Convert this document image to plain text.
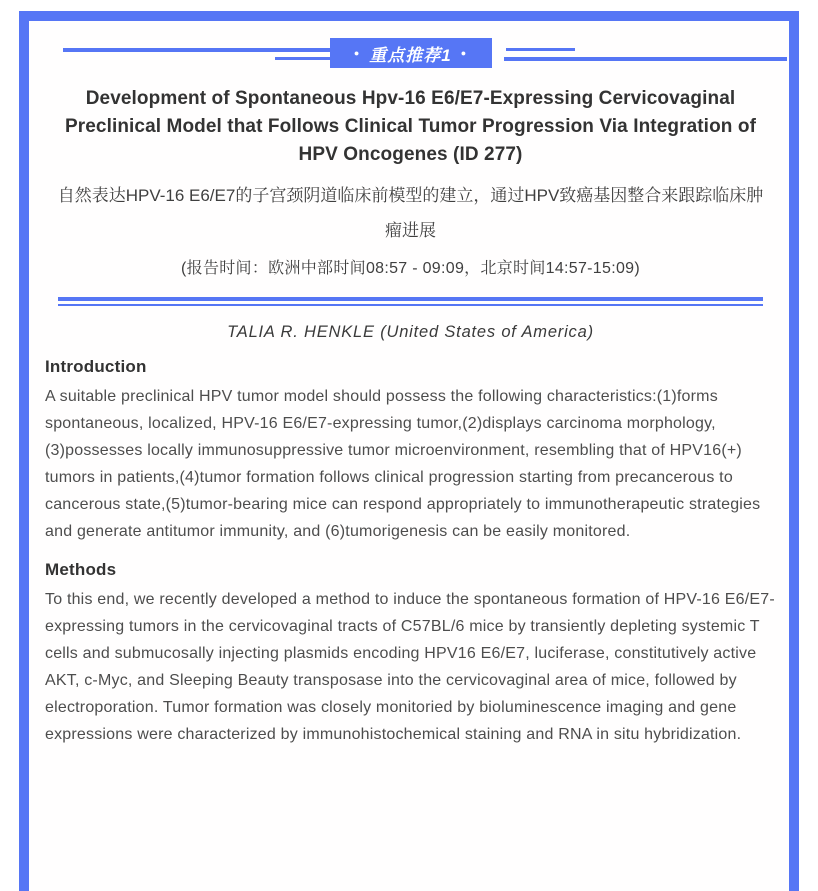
● 重点推荐1 ●
Development of Spontaneous Hpv-16 E6/E7-Expressing Cervicovaginal Preclinical Model that Follows Clinical Tumor Progression Via Integration of HPV Oncogenes (ID 277)
自然表达HPV-16 E6/E7的子宫颈阴道临床前模型的建立，通过HPV致癌基因整合来跟踪临床肿瘤进展
(报告时间：欧洲中部时间08:57 - 09:09，北京时间14:57-15:09)
TALIA R. HENKLE (United States of America)
Introduction
A suitable preclinical HPV tumor model should possess the following characteristics:(1)forms spontaneous, localized, HPV-16 E6/E7-expressing tumor,(2)displays carcinoma morphology,(3)possesses locally immunosuppressive tumor microenvironment, resembling that of HPV16(+) tumors in patients,(4)tumor formation follows clinical progression starting from precancerous to cancerous state,(5)tumor-bearing mice can respond appropriately to immunotherapeutic strategies and generate antitumor immunity, and (6)tumorigenesis can be easily monitored.
Methods
To this end, we recently developed a method to induce the spontaneous formation of HPV-16 E6/E7-expressing tumors in the cervicovaginal tracts of C57BL/6 mice by transiently depleting systemic T cells and submucosally injecting plasmids encoding HPV16 E6/E7, luciferase, constitutively active AKT, c-Myc, and Sleeping Beauty transposase into the cervicovaginal area of mice, followed by electroporation. Tumor formation was closely monitoried by bioluminescence imaging and gene expressions were characterized by immunohistochemical staining and RNA in situ hybridization.
